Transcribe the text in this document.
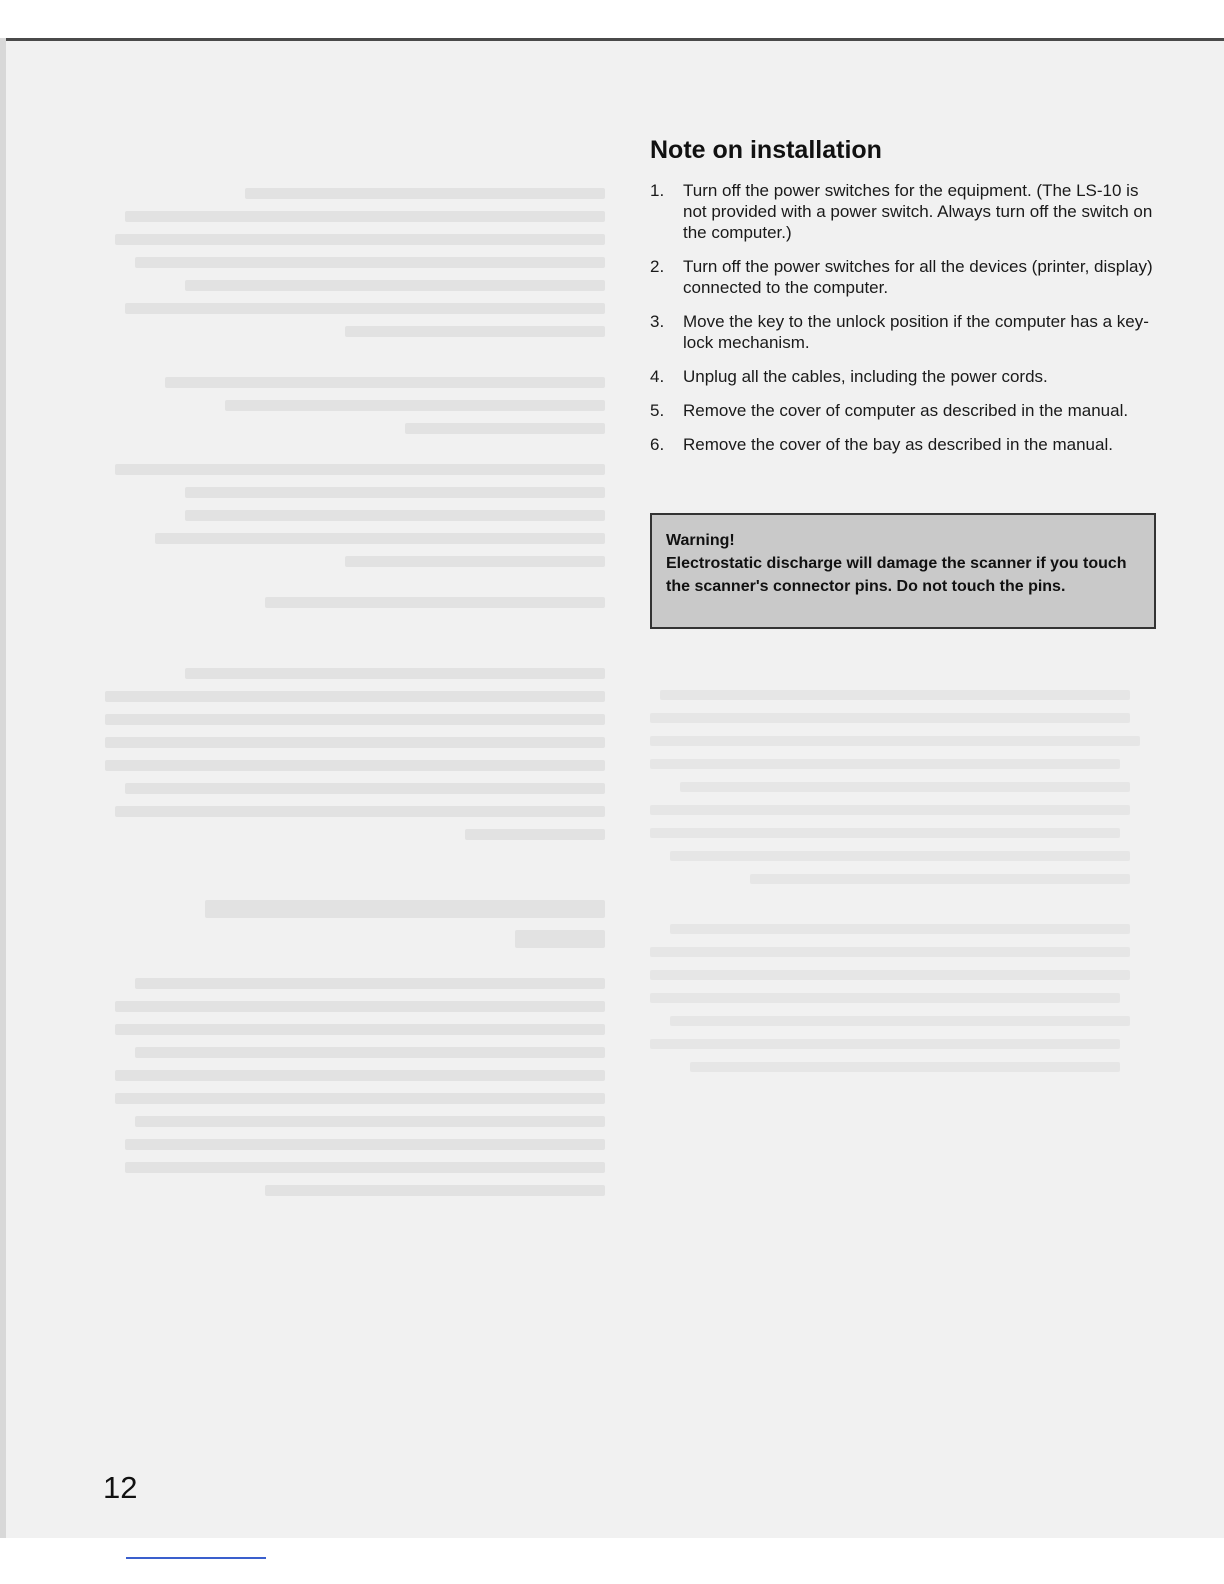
Note on installation
1. Turn off the power switches for the equipment. (The LS-10 is not provided with a power switch. Always turn off the switch on the computer.)
2. Turn off the power switches for all the devices (printer, display) connected to the computer.
3. Move the key to the unlock position if the computer has a key-lock mechanism.
4. Unplug all the cables, including the power cords.
5. Remove the cover of computer as described in the manual.
6. Remove the cover of the bay as described in the manual.

Warning!

Electrostatic discharge will damage the scanner if you touch the scanner's connector pins. Do not touch the pins.

12
